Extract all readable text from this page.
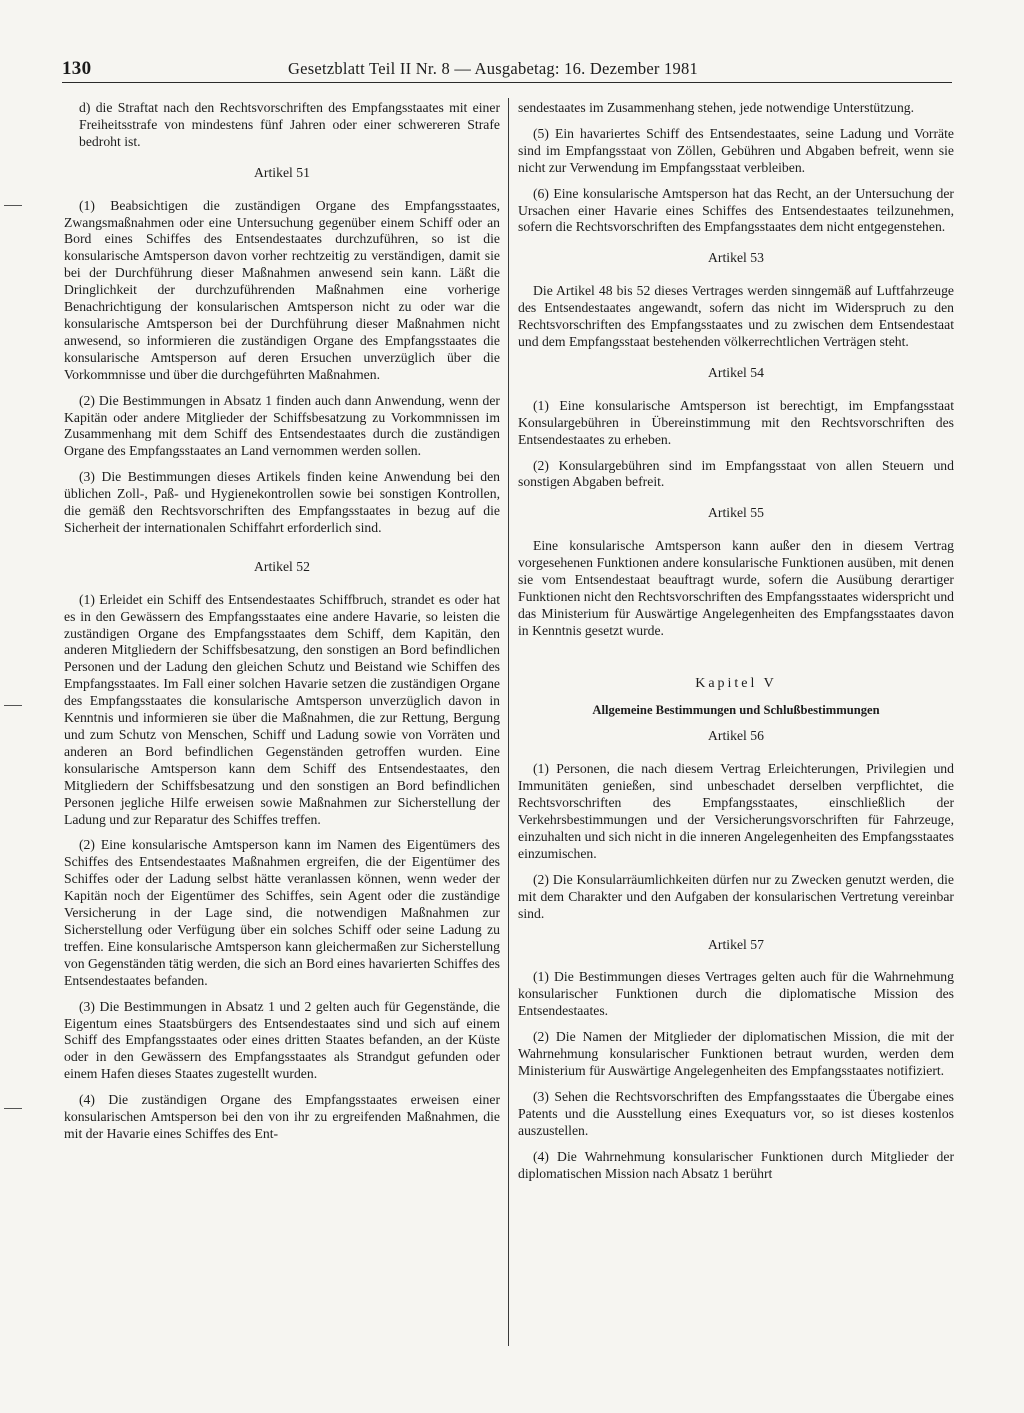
130	Gesetzblatt Teil II Nr. 8 — Ausgabetag: 16. Dezember 1981

d) die Straftat nach den Rechtsvorschriften des Empfangsstaates mit einer Freiheitsstrafe von mindestens fünf Jahren oder einer schwereren Strafe bedroht ist.

Artikel 51

(1) Beabsichtigen die zuständigen Organe des Empfangsstaates, Zwangsmaßnahmen oder eine Untersuchung gegenüber einem Schiff oder an Bord eines Schiffes des Entsendestaates durchzuführen, so ist die konsularische Amtsperson davon vorher rechtzeitig zu verständigen, damit sie bei der Durchführung dieser Maßnahmen anwesend sein kann. Läßt die Dringlichkeit der durchzuführenden Maßnahmen eine vorherige Benachrichtigung der konsularischen Amtsperson nicht zu oder war die konsularische Amtsperson bei der Durchführung dieser Maßnahmen nicht anwesend, so informieren die zuständigen Organe des Empfangsstaates die konsularische Amtsperson auf deren Ersuchen unverzüglich über die Vorkommnisse und über die durchgeführten Maßnahmen.

(2) Die Bestimmungen in Absatz 1 finden auch dann Anwendung, wenn der Kapitän oder andere Mitglieder der Schiffsbesatzung zu Vorkommnissen im Zusammenhang mit dem Schiff des Entsendestaates durch die zuständigen Organe des Empfangsstaates an Land vernommen werden sollen.

(3) Die Bestimmungen dieses Artikels finden keine Anwendung bei den üblichen Zoll-, Paß- und Hygienekontrollen sowie bei sonstigen Kontrollen, die gemäß den Rechtsvorschriften des Empfangsstaates in bezug auf die Sicherheit der internationalen Schiffahrt erforderlich sind.

Artikel 52

(1) Erleidet ein Schiff des Entsendestaates Schiffbruch, strandet es oder hat es in den Gewässern des Empfangsstaates eine andere Havarie, so leisten die zuständigen Organe des Empfangsstaates dem Schiff, dem Kapitän, den anderen Mitgliedern der Schiffsbesatzung, den sonstigen an Bord befindlichen Personen und der Ladung den gleichen Schutz und Beistand wie Schiffen des Empfangsstaates. Im Fall einer solchen Havarie setzen die zuständigen Organe des Empfangsstaates die konsularische Amtsperson unverzüglich davon in Kenntnis und informieren sie über die Maßnahmen, die zur Rettung, Bergung und zum Schutz von Menschen, Schiff und Ladung sowie von Vorräten und anderen an Bord befindlichen Gegenständen getroffen wurden. Eine konsularische Amtsperson kann dem Schiff des Entsendestaates, den Mitgliedern der Schiffsbesatzung und den sonstigen an Bord befindlichen Personen jegliche Hilfe erweisen sowie Maßnahmen zur Sicherstellung der Ladung und zur Reparatur des Schiffes treffen.

(2) Eine konsularische Amtsperson kann im Namen des Eigentümers des Schiffes des Entsendestaates Maßnahmen ergreifen, die der Eigentümer des Schiffes oder der Ladung selbst hätte veranlassen können, wenn weder der Kapitän noch der Eigentümer des Schiffes, sein Agent oder die zuständige Versicherung in der Lage sind, die notwendigen Maßnahmen zur Sicherstellung oder Verfügung über ein solches Schiff oder seine Ladung zu treffen. Eine konsularische Amtsperson kann gleichermaßen zur Sicherstellung von Gegenständen tätig werden, die sich an Bord eines havarierten Schiffes des Entsendestaates befanden.

(3) Die Bestimmungen in Absatz 1 und 2 gelten auch für Gegenstände, die Eigentum eines Staatsbürgers des Entsendestaates sind und sich auf einem Schiff des Empfangsstaates oder eines dritten Staates befanden, an der Küste oder in den Gewässern des Empfangsstaates als Strandgut gefunden oder einem Hafen dieses Staates zugestellt wurden.

(4) Die zuständigen Organe des Empfangsstaates erweisen einer konsularischen Amtsperson bei den von ihr zu ergreifenden Maßnahmen, die mit der Havarie eines Schiffes des Ent-

sendestaates im Zusammenhang stehen, jede notwendige Unterstützung.

(5) Ein havariertes Schiff des Entsendestaates, seine Ladung und Vorräte sind im Empfangsstaat von Zöllen, Gebühren und Abgaben befreit, wenn sie nicht zur Verwendung im Empfangsstaat verbleiben.

(6) Eine konsularische Amtsperson hat das Recht, an der Untersuchung der Ursachen einer Havarie eines Schiffes des Entsendestaates teilzunehmen, sofern die Rechtsvorschriften des Empfangsstaates dem nicht entgegenstehen.

Artikel 53

Die Artikel 48 bis 52 dieses Vertrages werden sinngemäß auf Luftfahrzeuge des Entsendestaates angewandt, sofern das nicht im Widerspruch zu den Rechtsvorschriften des Empfangsstaates und zu zwischen dem Entsendestaat und dem Empfangsstaat bestehenden völkerrechtlichen Verträgen steht.

Artikel 54

(1) Eine konsularische Amtsperson ist berechtigt, im Empfangsstaat Konsulargebühren in Übereinstimmung mit den Rechtsvorschriften des Entsendestaates zu erheben.

(2) Konsulargebühren sind im Empfangsstaat von allen Steuern und sonstigen Abgaben befreit.

Artikel 55

Eine konsularische Amtsperson kann außer den in diesem Vertrag vorgesehenen Funktionen andere konsularische Funktionen ausüben, mit denen sie vom Entsendestaat beauftragt wurde, sofern die Ausübung derartiger Funktionen nicht den Rechtsvorschriften des Empfangsstaates widerspricht und das Ministerium für Auswärtige Angelegenheiten des Empfangsstaates davon in Kenntnis gesetzt wurde.

Kapitel V
Allgemeine Bestimmungen und Schlußbestimmungen
Artikel 56

(1) Personen, die nach diesem Vertrag Erleichterungen, Privilegien und Immunitäten genießen, sind unbeschadet derselben verpflichtet, die Rechtsvorschriften des Empfangsstaates, einschließlich der Verkehrsbestimmungen und der Versicherungsvorschriften für Fahrzeuge, einzuhalten und sich nicht in die inneren Angelegenheiten des Empfangsstaates einzumischen.

(2) Die Konsularräumlichkeiten dürfen nur zu Zwecken genutzt werden, die mit dem Charakter und den Aufgaben der konsularischen Vertretung vereinbar sind.

Artikel 57

(1) Die Bestimmungen dieses Vertrages gelten auch für die Wahrnehmung konsularischer Funktionen durch die diplomatische Mission des Entsendestaates.

(2) Die Namen der Mitglieder der diplomatischen Mission, die mit der Wahrnehmung konsularischer Funktionen betraut wurden, werden dem Ministerium für Auswärtige Angelegenheiten des Empfangsstaates notifiziert.

(3) Sehen die Rechtsvorschriften des Empfangsstaates die Übergabe eines Patents und die Ausstellung eines Exequaturs vor, so ist dieses kostenlos auszustellen.

(4) Die Wahrnehmung konsularischer Funktionen durch Mitglieder der diplomatischen Mission nach Absatz 1 berührt
